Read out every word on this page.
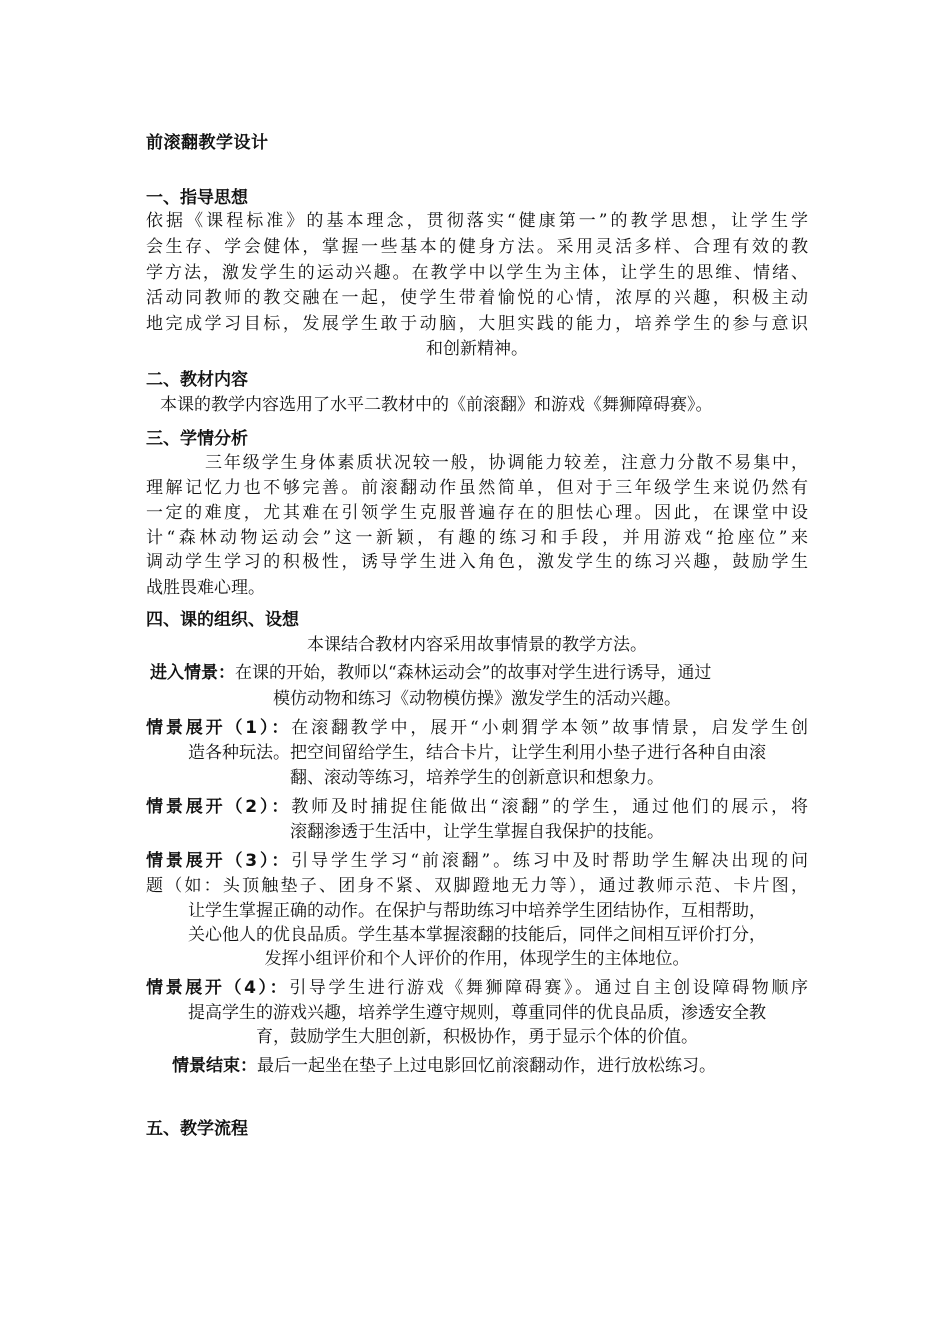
前滚翻教学设计
一、指导思想
依据《课程标准》的基本理念，贯彻落实“健康第一”的教学思想，让学生学
会生存、学会健体，掌握一些基本的健身方法。采用灵活多样、合理有效的教
学方法，激发学生的运动兴趣。在教学中以学生为主体，让学生的思维、情绪、
活动同教师的教交融在一起，使学生带着愉悦的心情，浓厚的兴趣，积极主动
地完成学习目标，发展学生敢于动脑，大胆实践的能力，培养学生的参与意识
和创新精神。
二、教材内容
本课的教学内容选用了水平二教材中的《前滚翻》和游戏《舞狮障碍赛》。
三、学情分析
三年级学生身体素质状况较一般，协调能力较差，注意力分散不易集中，
理解记忆力也不够完善。前滚翻动作虽然简单，但对于三年级学生来说仍然有
一定的难度，尤其难在引领学生克服普遍存在的胆怯心理。因此，在课堂中设
计“森林动物运动会”这一新颖，有趣的练习和手段，并用游戏“抢座位”来
调动学生学习的积极性，诱导学生进入角色，激发学生的练习兴趣，鼓励学生
战胜畏难心理。
四、课的组织、设想
本课结合教材内容采用故事情景的教学方法。
进入情景：在课的开始，教师以“森林运动会”的故事对学生进行诱导，通过
模仿动物和练习《动物模仿操》激发学生的活动兴趣。
情景展开（1）：在滚翻教学中，展开“小刺猬学本领”故事情景，启发学生创
造各种玩法。把空间留给学生，结合卡片，让学生利用小垫子进行各种自由滚
翻、滚动等练习，培养学生的创新意识和想象力。
情景展开（2）：教师及时捕捉住能做出“滚翻”的学生，通过他们的展示，将
滚翻渗透于生活中，让学生掌握自我保护的技能。
情景展开（3）：引导学生学习“前滚翻”。练习中及时帮助学生解决出现的问
题（如：头顶触垫子、团身不紧、双脚蹬地无力等），通过教师示范、卡片图，
让学生掌握正确的动作。在保护与帮助练习中培养学生团结协作，互相帮助，
关心他人的优良品质。学生基本掌握滚翻的技能后，同伴之间相互评价打分，
发挥小组评价和个人评价的作用，体现学生的主体地位。
情景展开（4）：引导学生进行游戏《舞狮障碍赛》。通过自主创设障碍物顺序
提高学生的游戏兴趣，培养学生遵守规则，尊重同伴的优良品质，渗透安全教
育，鼓励学生大胆创新，积极协作，勇于显示个体的价值。
情景结束：最后一起坐在垫子上过电影回忆前滚翻动作，进行放松练习。
五、教学流程
